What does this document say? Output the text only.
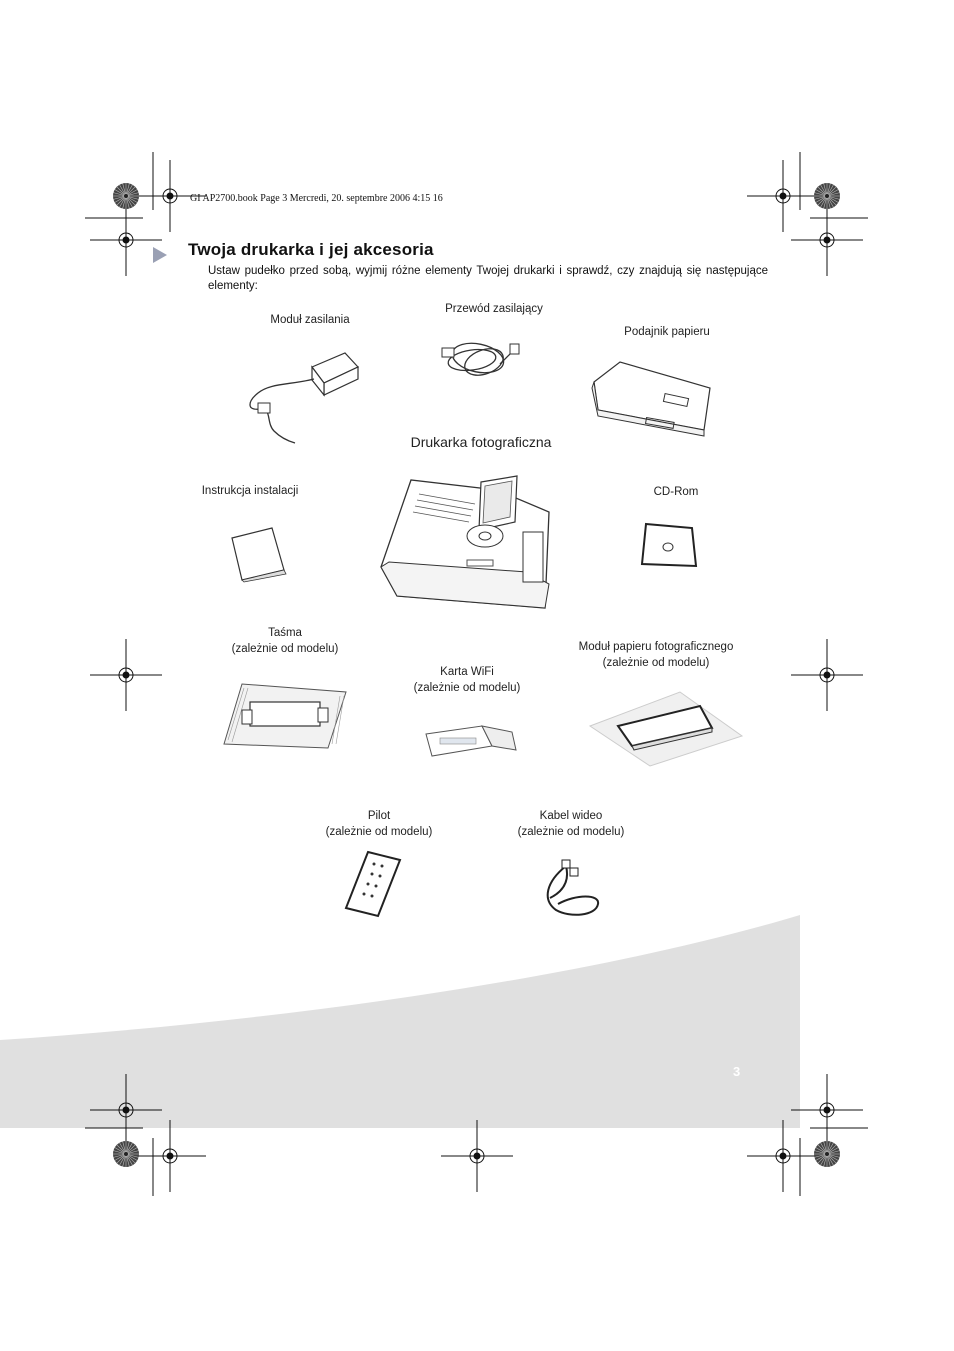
GI AP2700.book Page 3 Mercredi, 20. septembre 2006 4:15 16
Twoja drukarka i jej akcesoria
Ustaw pudełko przed sobą, wyjmij różne elementy Twojej drukarki i sprawdź, czy znajdują się następujące elementy:
Moduł zasilania
Przewód zasilający
Podajnik papieru
Drukarka fotograficzna
Instrukcja instalacji	CD-Rom
Taśma
(zależnie od modelu)	Moduł papieru fotograficznego
(zależnie od modelu)
Karta WiFi
(zależnie od modelu)
Pilot
(zależnie od modelu)
Kabel wideo
(zależnie od modelu)
3
